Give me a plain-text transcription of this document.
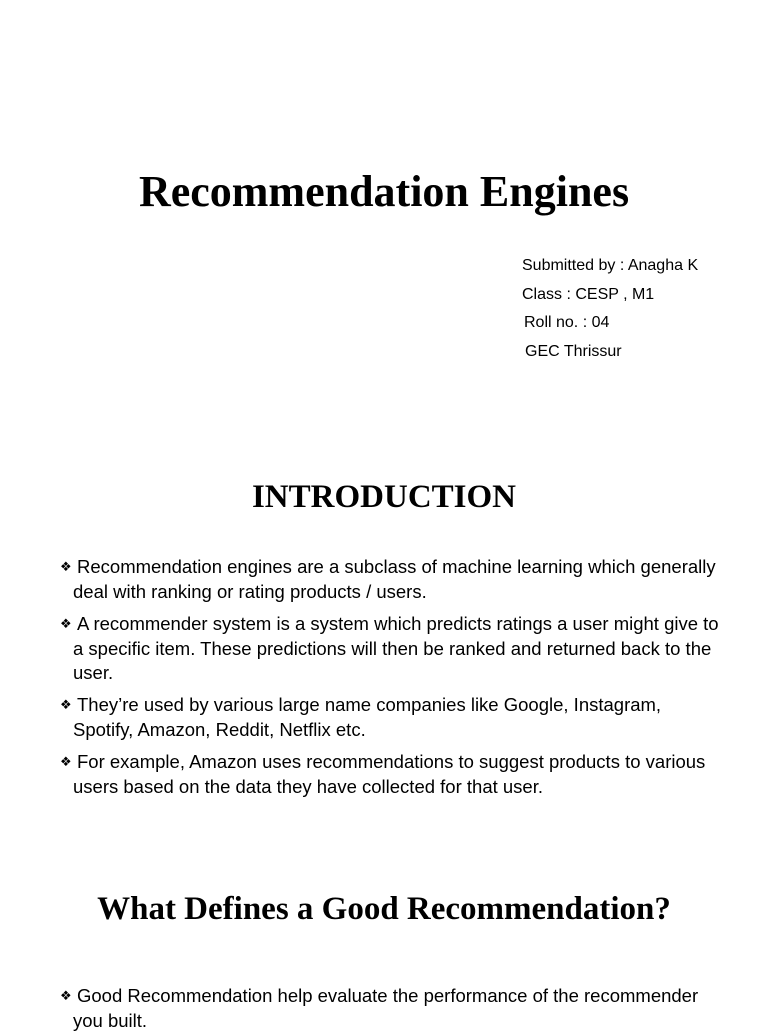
Recommendation Engines
Submitted by : Anagha K
Class : CESP , M1
Roll no. : 04
GEC Thrissur
INTRODUCTION
❖ Recommendation engines are a subclass of machine learning which generally deal with ranking or rating products / users.
❖ A recommender system is a system which predicts ratings a user might give to a specific item. These predictions will then be ranked and returned back to the user.
❖ They’re used by various large name companies like Google, Instagram, Spotify, Amazon, Reddit, Netflix etc.
❖ For example, Amazon uses recommendations to suggest products to various users based on the data they have collected for that user.
What Defines a Good Recommendation?
❖ Good Recommendation help evaluate the performance of the recommender you built.
